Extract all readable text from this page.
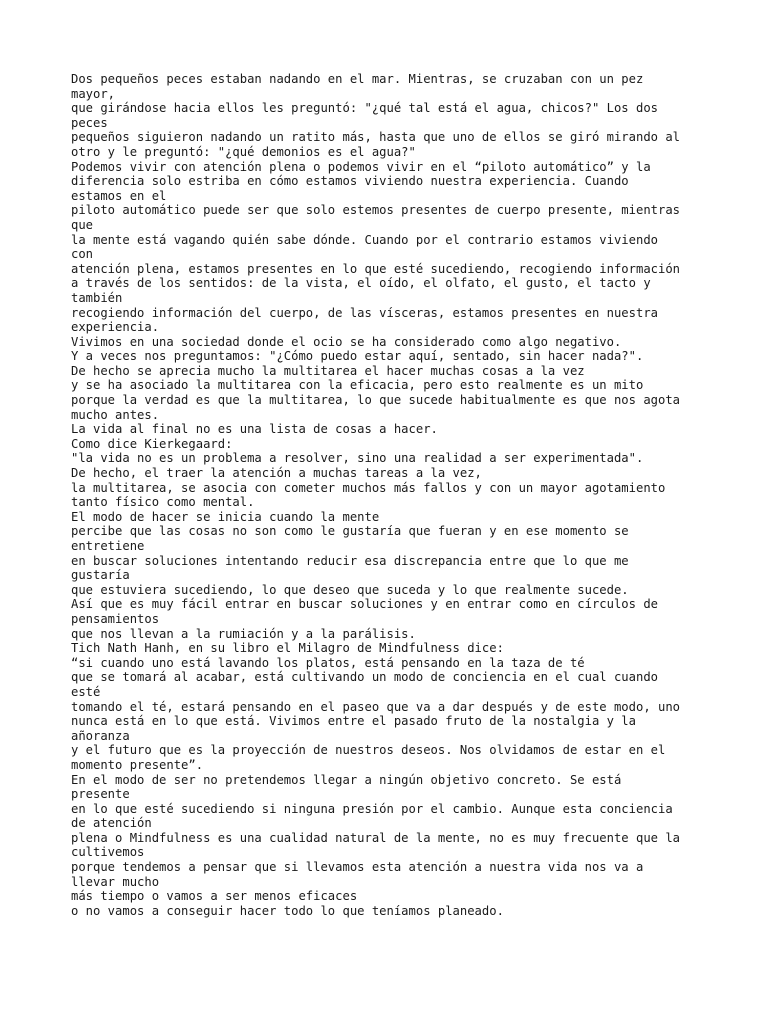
Dos pequeños peces estaban nadando en el mar. Mientras, se cruzaban con un pez
mayor,
que girándose hacia ellos les preguntó: "¿qué tal está el agua, chicos?" Los dos
peces
pequeños siguieron nadando un ratito más, hasta que uno de ellos se giró mirando al
otro y le preguntó: "¿qué demonios es el agua?"
Podemos vivir con atención plena o podemos vivir en el “piloto automático” y la
diferencia solo estriba en cómo estamos viviendo nuestra experiencia. Cuando
estamos en el
piloto automático puede ser que solo estemos presentes de cuerpo presente, mientras
que
la mente está vagando quién sabe dónde. Cuando por el contrario estamos viviendo
con
atención plena, estamos presentes en lo que esté sucediendo, recogiendo información
a través de los sentidos: de la vista, el oído, el olfato, el gusto, el tacto y
también
recogiendo información del cuerpo, de las vísceras, estamos presentes en nuestra
experiencia.
Vivimos en una sociedad donde el ocio se ha considerado como algo negativo.
Y a veces nos preguntamos: "¿Cómo puedo estar aquí, sentado, sin hacer nada?".
De hecho se aprecia mucho la multitarea el hacer muchas cosas a la vez
y se ha asociado la multitarea con la eficacia, pero esto realmente es un mito
porque la verdad es que la multitarea, lo que sucede habitualmente es que nos agota
mucho antes.
La vida al final no es una lista de cosas a hacer.
Como dice Kierkegaard:
"la vida no es un problema a resolver, sino una realidad a ser experimentada".
De hecho, el traer la atención a muchas tareas a la vez,
la multitarea, se asocia con cometer muchos más fallos y con un mayor agotamiento
tanto físico como mental.
El modo de hacer se inicia cuando la mente
percibe que las cosas no son como le gustaría que fueran y en ese momento se
entretiene
en buscar soluciones intentando reducir esa discrepancia entre que lo que me
gustaría
que estuviera sucediendo, lo que deseo que suceda y lo que realmente sucede.
Así que es muy fácil entrar en buscar soluciones y en entrar como en círculos de
pensamientos
que nos llevan a la rumiación y a la parálisis.
Tich Nath Hanh, en su libro el Milagro de Mindfulness dice:
“si cuando uno está lavando los platos, está pensando en la taza de té
que se tomará al acabar, está cultivando un modo de conciencia en el cual cuando
esté
tomando el té, estará pensando en el paseo que va a dar después y de este modo, uno
nunca está en lo que está. Vivimos entre el pasado fruto de la nostalgia y la
añoranza
y el futuro que es la proyección de nuestros deseos. Nos olvidamos de estar en el
momento presente”.
En el modo de ser no pretendemos llegar a ningún objetivo concreto. Se está
presente
en lo que esté sucediendo si ninguna presión por el cambio. Aunque esta conciencia
de atención
plena o Mindfulness es una cualidad natural de la mente, no es muy frecuente que la
cultivemos
porque tendemos a pensar que si llevamos esta atención a nuestra vida nos va a
llevar mucho
más tiempo o vamos a ser menos eficaces
o no vamos a conseguir hacer todo lo que teníamos planeado.
